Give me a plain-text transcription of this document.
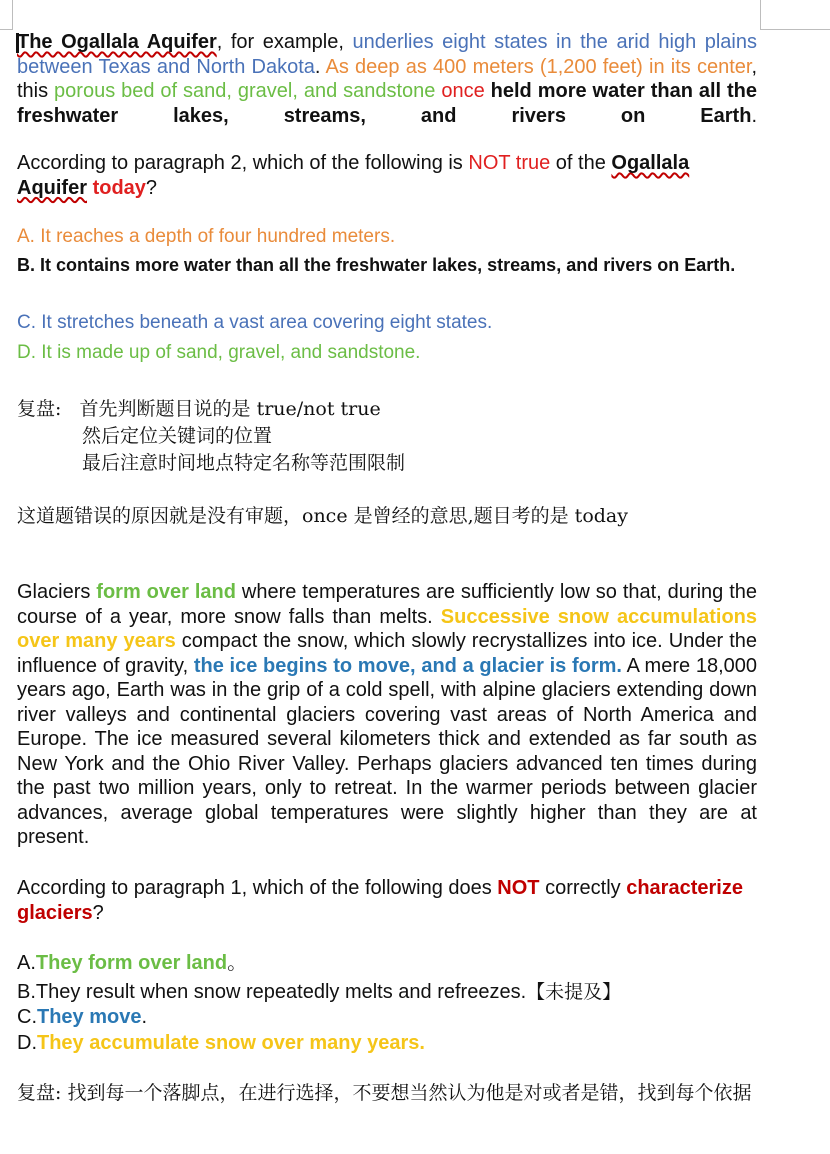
The Ogallala Aquifer, for example, underlies eight states in the arid high plains between Texas and North Dakota. As deep as 400 meters (1,200 feet) in its center, this porous bed of sand, gravel, and sandstone once held more water than all the freshwater lakes, streams, and rivers on Earth.
According to paragraph 2, which of the following is NOT true of the Ogallala Aquifer today?
A. It reaches a depth of four hundred meters.
B. It contains more water than all the freshwater lakes, streams, and rivers on Earth.
C. It stretches beneath a vast area covering eight states.
D. It is made up of sand, gravel, and sandstone.
复盘: 首先判断题目说的是 true/not true
然后定位关键词的位置
最后注意时间地点特定名称等范围限制
这道题错误的原因就是没有审题，once 是曾经的意思,题目考的是 today
Glaciers form over land where temperatures are sufficiently low so that, during the course of a year, more snow falls than melts. Successive snow accumulations over many years compact the snow, which slowly recrystallizes into ice. Under the influence of gravity, the ice begins to move, and a glacier is form. A mere 18,000 years ago, Earth was in the grip of a cold spell, with alpine glaciers extending down river valleys and continental glaciers covering vast areas of North America and Europe. The ice measured several kilometers thick and extended as far south as New York and the Ohio River Valley. Perhaps glaciers advanced ten times during the past two million years, only to retreat. In the warmer periods between glacier advances, average global temperatures were slightly higher than they are at present.
According to paragraph 1, which of the following does NOT correctly characterize glaciers?
A.They form over land。
B.They result when snow repeatedly melts and refreezes.【未提及】
C.They move.
D.They accumulate snow over many years.
复盘: 找到每一个落脚点，在进行选择，不要想当然认为他是对或者是错，找到每个依据
